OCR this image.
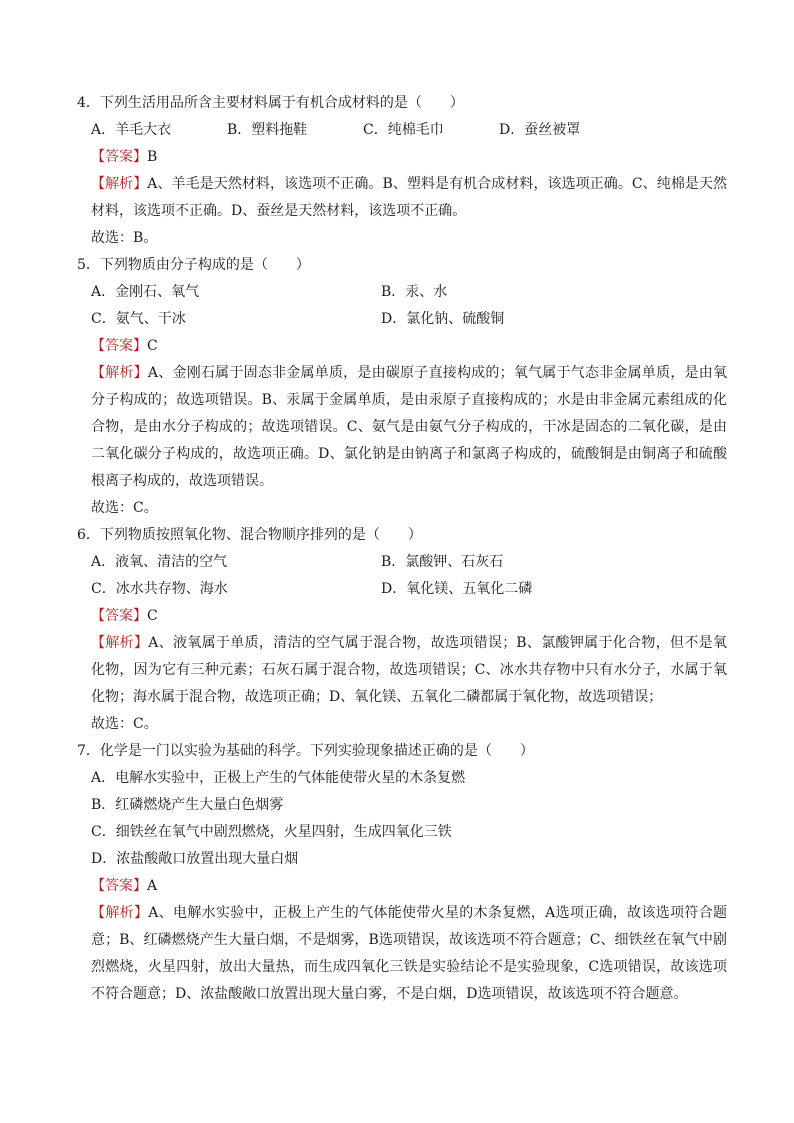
4．下列生活用品所含主要材料属于有机合成材料的是（　　）
A．羊毛大衣	B．塑料拖鞋	C．纯棉毛巾	D．蚕丝被罩
【答案】B
【解析】A、羊毛是天然材料，该选项不正确。B、塑料是有机合成材料，该选项正确。C、纯棉是天然材料，该选项不正确。D、蚕丝是天然材料，该选项不正确。
故选：B。
5．下列物质由分子构成的是（　　）
A．金刚石、氧气	B．汞、水
C．氨气、干冰	D．氯化钠、硫酸铜
【答案】C
【解析】A、金刚石属于固态非金属单质，是由碳原子直接构成的；氧气属于气态非金属单质，是由氧分子构成的；故选项错误。B、汞属于金属单质，是由汞原子直接构成的；水是由非金属元素组成的化合物，是由水分子构成的；故选项错误。C、氨气是由氨气分子构成的，干冰是固态的二氧化碳，是由二氧化碳分子构成的，故选项正确。D、氯化钠是由钠离子和氯离子构成的，硫酸铜是由铜离子和硫酸根离子构成的，故选项错误。
故选：C。
6．下列物质按照氧化物、混合物顺序排列的是（　　）
A．液氧、清洁的空气	B．氯酸钾、石灰石
C．冰水共存物、海水	D．氧化镁、五氧化二磷
【答案】C
【解析】A、液氧属于单质，清洁的空气属于混合物，故选项错误；B、氯酸钾属于化合物，但不是氧化物，因为它有三种元素；石灰石属于混合物，故选项错误；C、冰水共存物中只有水分子，水属于氧化物；海水属于混合物，故选项正确；D、氧化镁、五氧化二磷都属于氧化物，故选项错误；
故选：C。
7．化学是一门以实验为基础的科学。下列实验现象描述正确的是（　　）
A．电解水实验中，正极上产生的气体能使带火星的木条复燃
B．红磷燃烧产生大量白色烟雾
C．细铁丝在氧气中剧烈燃烧，火星四射，生成四氧化三铁
D．浓盐酸敞口放置出现大量白烟
【答案】A
【解析】A、电解水实验中，正极上产生的气体能使带火星的木条复燃，A选项正确，故该选项符合题意；B、红磷燃烧产生大量白烟，不是烟雾，B选项错误，故该选项不符合题意；C、细铁丝在氧气中剧烈燃烧，火星四射，放出大量热，而生成四氧化三铁是实验结论不是实验现象，C选项错误，故该选项不符合题意；D、浓盐酸敞口放置出现大量白雾，不是白烟，D选项错误，故该选项不符合题意。
